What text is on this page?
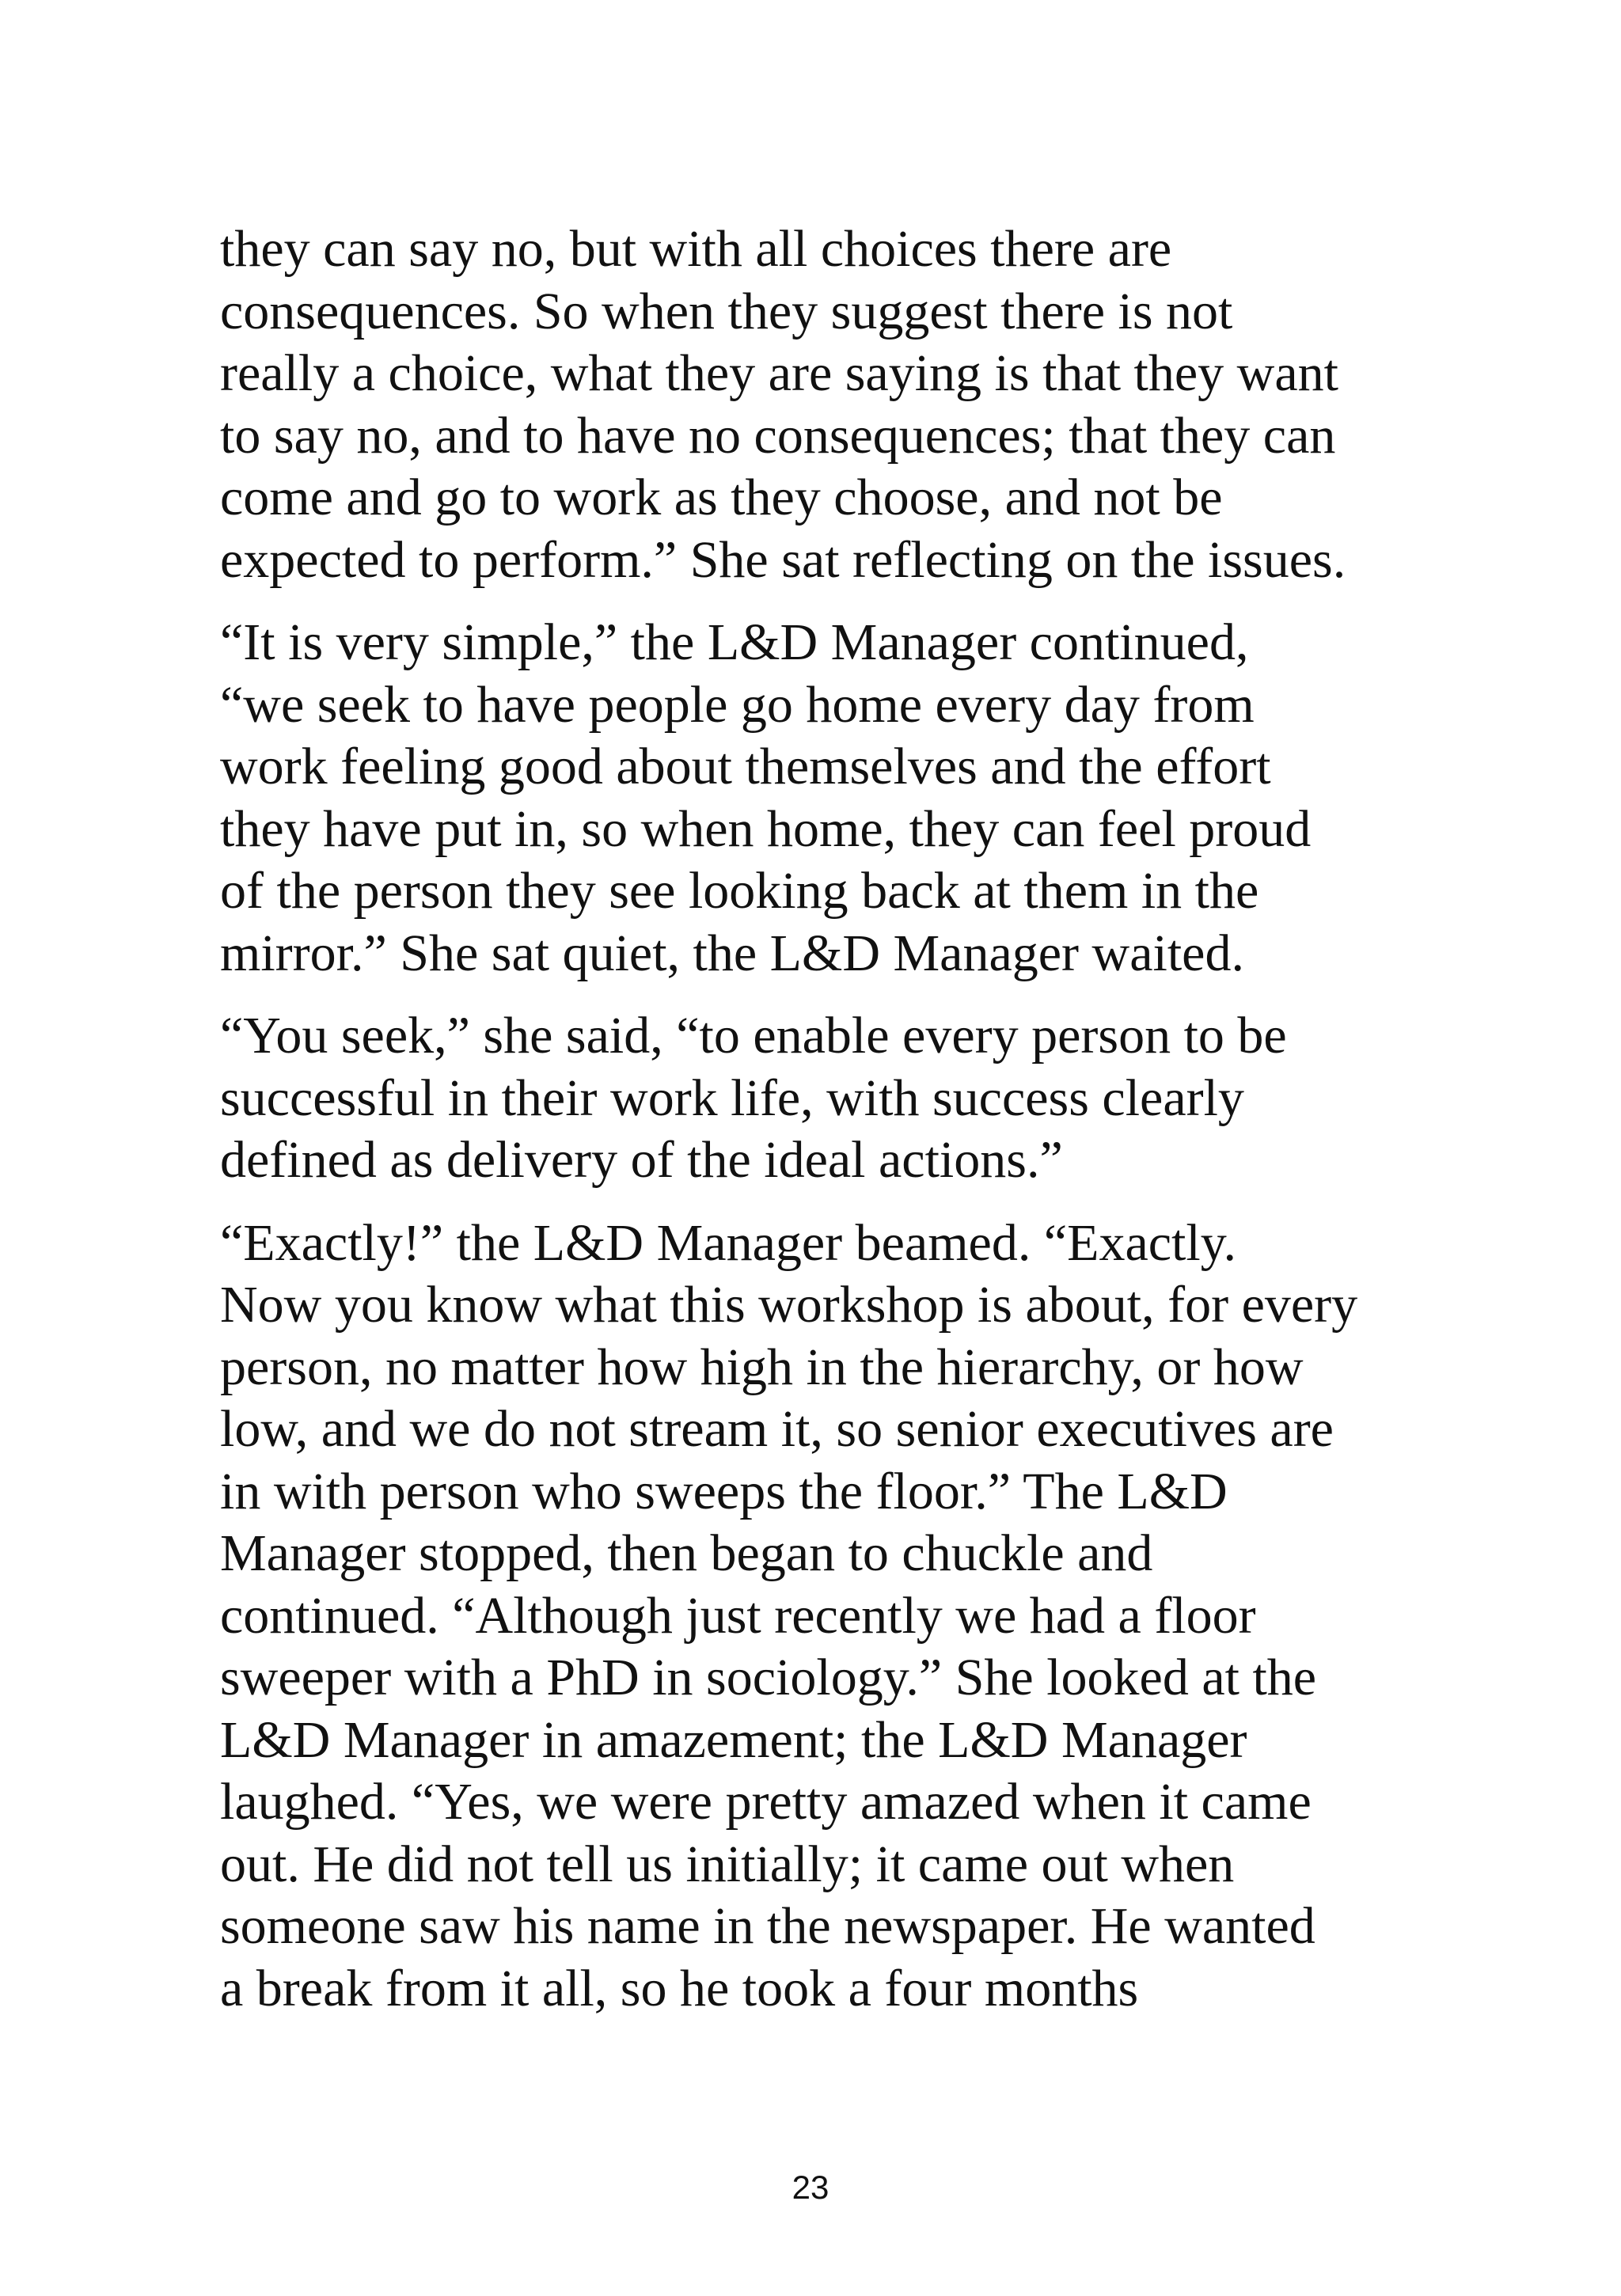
they can say no, but with all choices there are
consequences. So when they suggest there is not
really a choice, what they are saying is that they want
to say no, and to have no consequences; that they can
come and go to work as they choose, and not be
expected to perform.” She sat reflecting on the issues.

“It is very simple,” the L&D Manager continued,
“we seek to have people go home every day from
work feeling good about themselves and the effort
they have put in, so when home, they can feel proud
of the person they see looking back at them in the
mirror.” She sat quiet, the L&D Manager waited.

“You seek,” she said, “to enable every person to be
successful in their work life, with success clearly
defined as delivery of the ideal actions.”

“Exactly!” the L&D Manager beamed. “Exactly.
Now you know what this workshop is about, for every
person, no matter how high in the hierarchy, or how
low, and we do not stream it, so senior executives are
in with person who sweeps the floor.” The L&D
Manager stopped, then began to chuckle and
continued. “Although just recently we had a floor
sweeper with a PhD in sociology.” She looked at the
L&D Manager in amazement; the L&D Manager
laughed. “Yes, we were pretty amazed when it came
out. He did not tell us initially; it came out when
someone saw his name in the newspaper. He wanted
a break from it all, so he took a four months

23
